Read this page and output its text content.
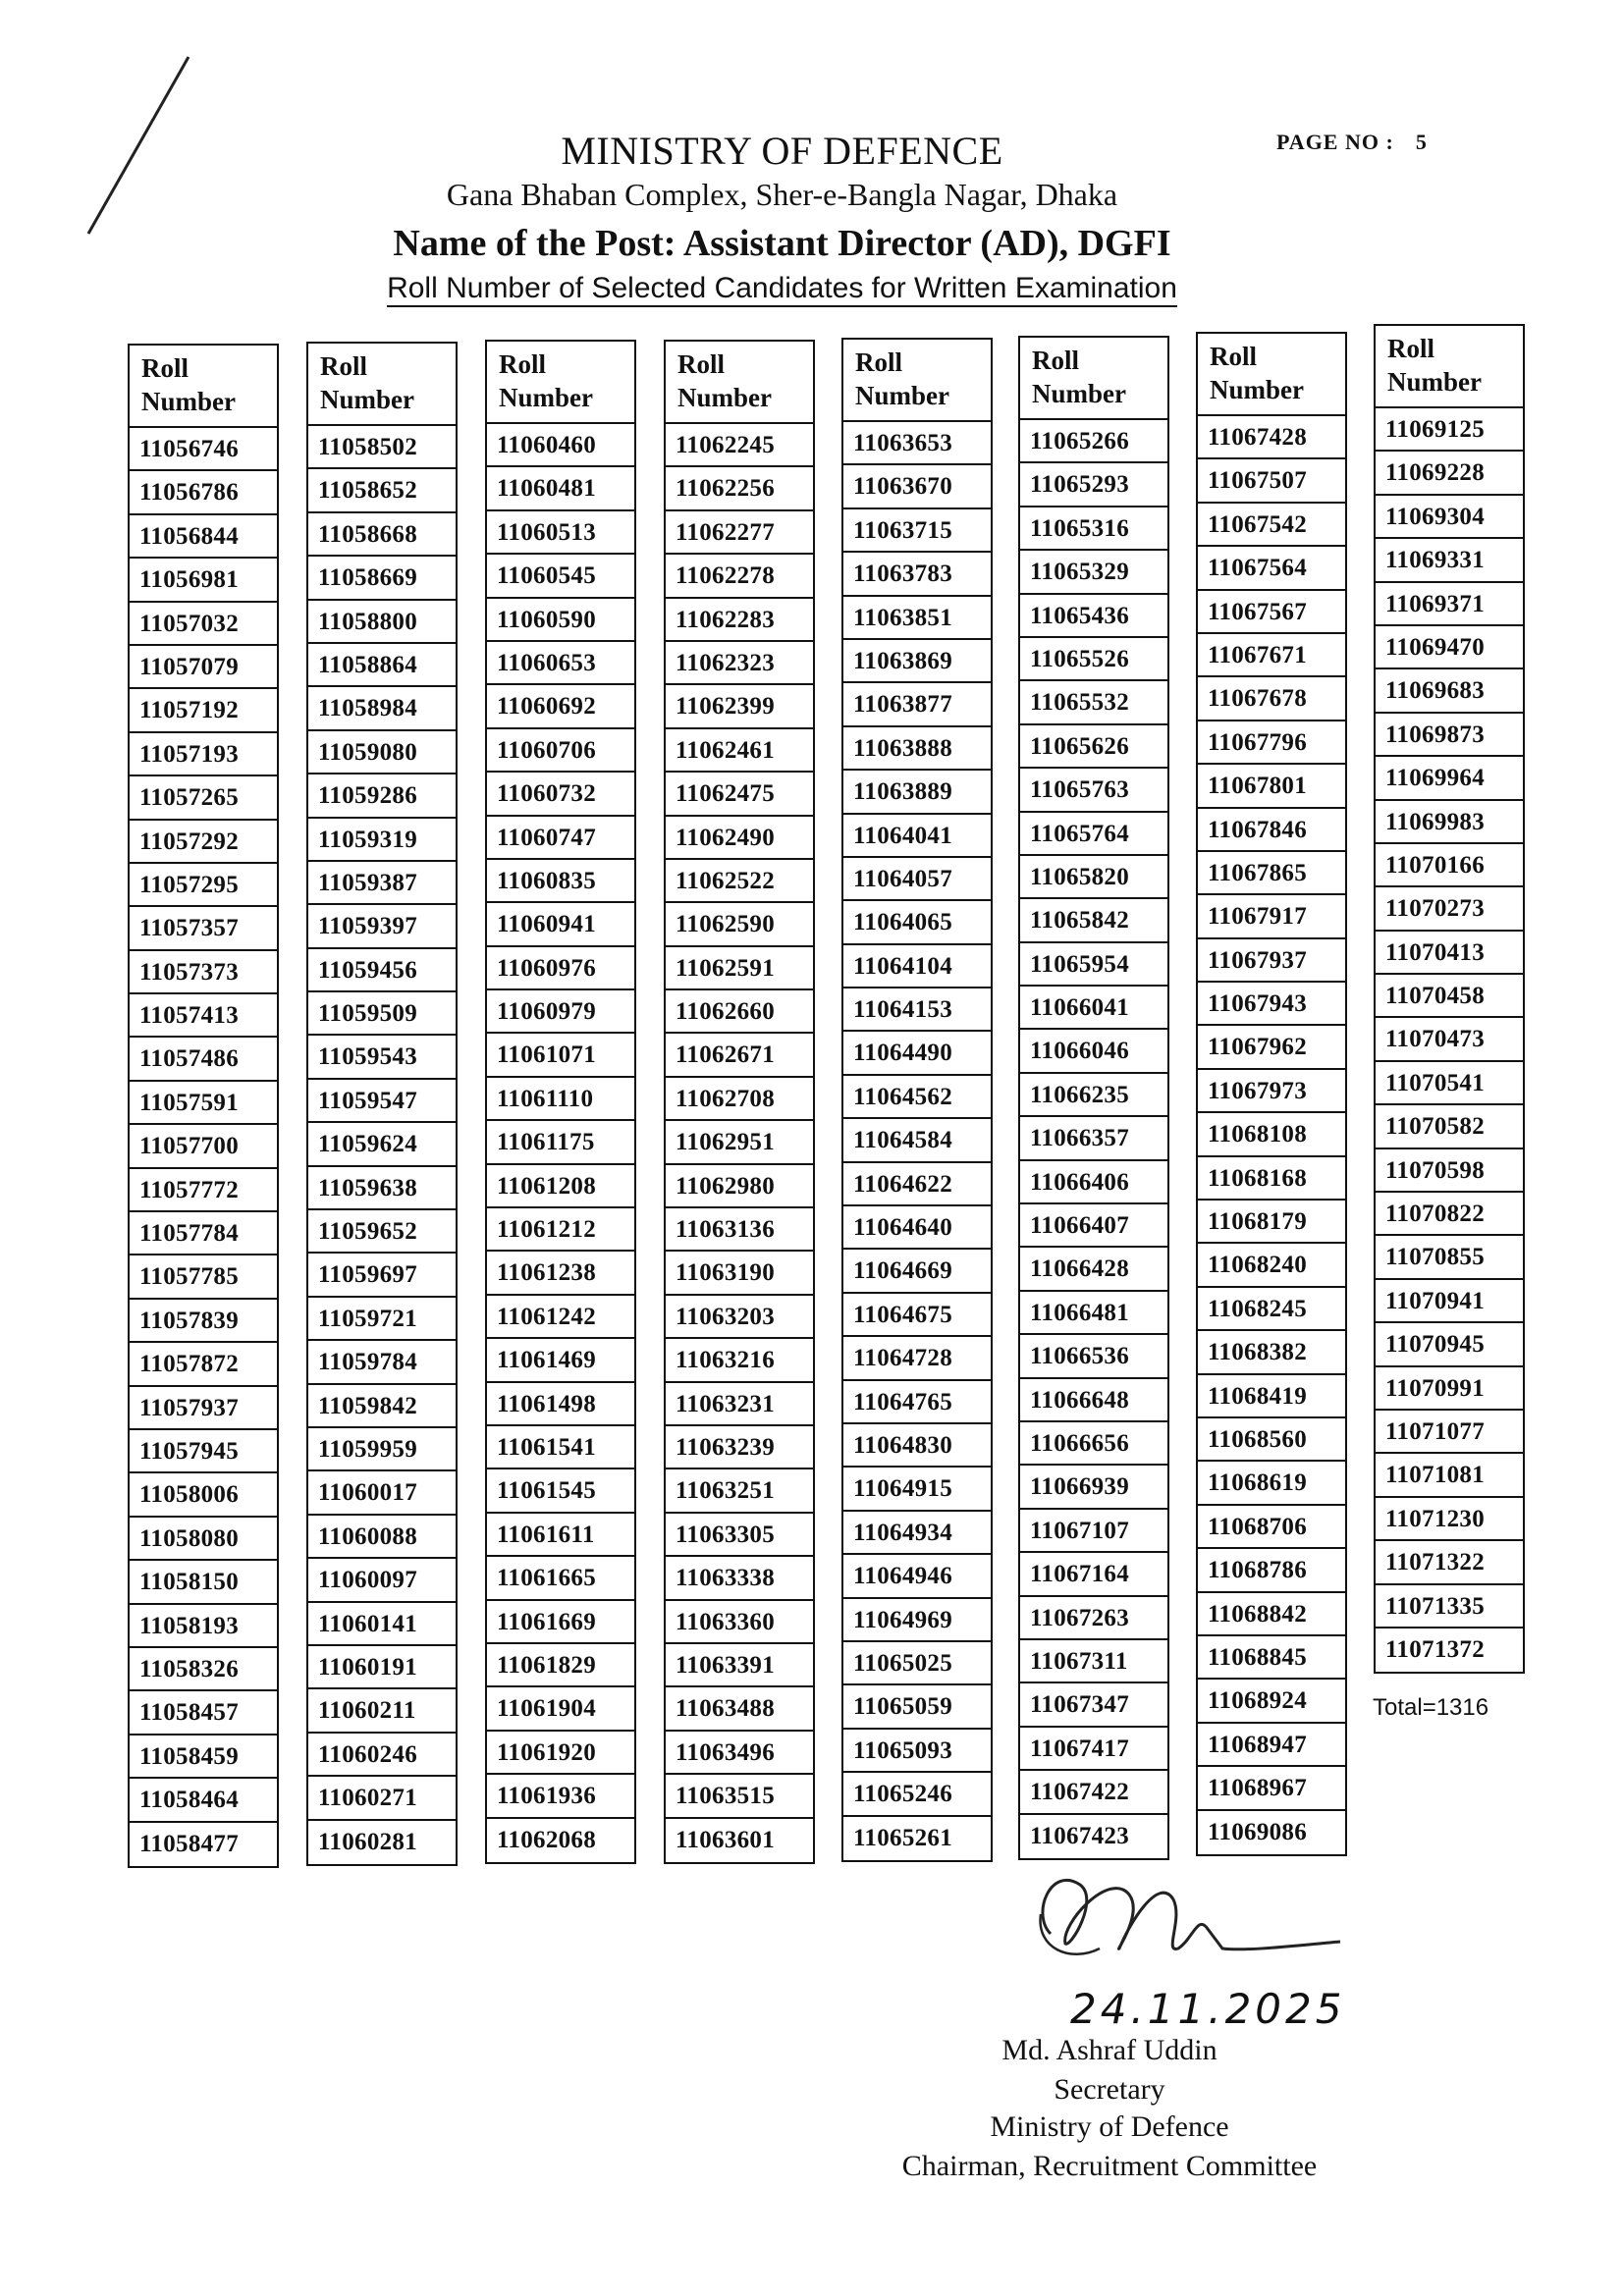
PAGE NO : 5
MINISTRY OF DEFENCE
Gana Bhaban Complex, Sher-e-Bangla Nagar, Dhaka
Name of the Post: Assistant Director (AD), DGFI
Roll Number of Selected Candidates for Written Examination
Roll
Number
11056746
11056786
11056844
11056981
11057032
11057079
11057192
11057193
11057265
11057292
11057295
11057357
11057373
11057413
11057486
11057591
11057700
11057772
11057784
11057785
11057839
11057872
11057937
11057945
11058006
11058080
11058150
11058193
11058326
11058457
11058459
11058464
11058477
Roll
Number
11058502
11058652
11058668
11058669
11058800
11058864
11058984
11059080
11059286
11059319
11059387
11059397
11059456
11059509
11059543
11059547
11059624
11059638
11059652
11059697
11059721
11059784
11059842
11059959
11060017
11060088
11060097
11060141
11060191
11060211
11060246
11060271
11060281
Roll
Number
11060460
11060481
11060513
11060545
11060590
11060653
11060692
11060706
11060732
11060747
11060835
11060941
11060976
11060979
11061071
11061110
11061175
11061208
11061212
11061238
11061242
11061469
11061498
11061541
11061545
11061611
11061665
11061669
11061829
11061904
11061920
11061936
11062068
Roll
Number
11062245
11062256
11062277
11062278
11062283
11062323
11062399
11062461
11062475
11062490
11062522
11062590
11062591
11062660
11062671
11062708
11062951
11062980
11063136
11063190
11063203
11063216
11063231
11063239
11063251
11063305
11063338
11063360
11063391
11063488
11063496
11063515
11063601
Roll
Number
11063653
11063670
11063715
11063783
11063851
11063869
11063877
11063888
11063889
11064041
11064057
11064065
11064104
11064153
11064490
11064562
11064584
11064622
11064640
11064669
11064675
11064728
11064765
11064830
11064915
11064934
11064946
11064969
11065025
11065059
11065093
11065246
11065261
Roll
Number
11065266
11065293
11065316
11065329
11065436
11065526
11065532
11065626
11065763
11065764
11065820
11065842
11065954
11066041
11066046
11066235
11066357
11066406
11066407
11066428
11066481
11066536
11066648
11066656
11066939
11067107
11067164
11067263
11067311
11067347
11067417
11067422
11067423
Roll
Number
11067428
11067507
11067542
11067564
11067567
11067671
11067678
11067796
11067801
11067846
11067865
11067917
11067937
11067943
11067962
11067973
11068108
11068168
11068179
11068240
11068245
11068382
11068419
11068560
11068619
11068706
11068786
11068842
11068845
11068924
11068947
11068967
11069086
Roll
Number
11069125
11069228
11069304
11069331
11069371
11069470
11069683
11069873
11069964
11069983
11070166
11070273
11070413
11070458
11070473
11070541
11070582
11070598
11070822
11070855
11070941
11070945
11070991
11071077
11071081
11071230
11071322
11071335
11071372
Total=1316
24.11.2025
Md. Ashraf Uddin
Secretary
Ministry of Defence
Chairman, Recruitment Committee
